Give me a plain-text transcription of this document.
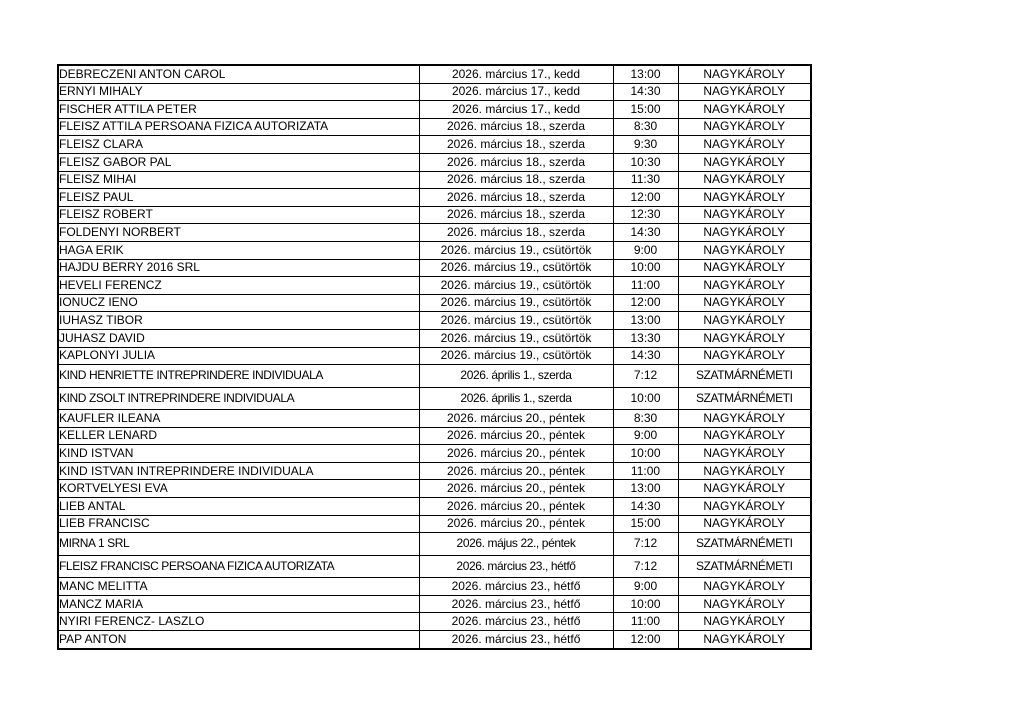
DEBRECZENI ANTON CAROL	2026. március 17., kedd	13:00	NAGYKÁROLY
ERNYI MIHALY	2026. március 17., kedd	14:30	NAGYKÁROLY
FISCHER ATTILA PETER	2026. március 17., kedd	15:00	NAGYKÁROLY
FLEISZ ATTILA PERSOANA FIZICA AUTORIZATA	2026. március 18., szerda	8:30	NAGYKÁROLY
FLEISZ CLARA	2026. március 18., szerda	9:30	NAGYKÁROLY
FLEISZ GABOR PAL	2026. március 18., szerda	10:30	NAGYKÁROLY
FLEISZ MIHAI	2026. március 18., szerda	11:30	NAGYKÁROLY
FLEISZ PAUL	2026. március 18., szerda	12:00	NAGYKÁROLY
FLEISZ ROBERT	2026. március 18., szerda	12:30	NAGYKÁROLY
FOLDENYI NORBERT	2026. március 18., szerda	14:30	NAGYKÁROLY
HAGA ERIK	2026. március 19., csütörtök	9:00	NAGYKÁROLY
HAJDU BERRY 2016 SRL	2026. március 19., csütörtök	10:00	NAGYKÁROLY
HEVELI FERENCZ	2026. március 19., csütörtök	11:00	NAGYKÁROLY
IONUCZ IENO	2026. március 19., csütörtök	12:00	NAGYKÁROLY
IUHASZ TIBOR	2026. március 19., csütörtök	13:00	NAGYKÁROLY
JUHASZ DAVID	2026. március 19., csütörtök	13:30	NAGYKÁROLY
KAPLONYI JULIA	2026. március 19., csütörtök	14:30	NAGYKÁROLY
KIND HENRIETTE INTREPRINDERE INDIVIDUALA	2026. április 1., szerda	7:12	SZATMÁRNÉMETI
KIND ZSOLT INTREPRINDERE INDIVIDUALA	2026. április 1., szerda	10:00	SZATMÁRNÉMETI
KAUFLER ILEANA	2026. március 20., péntek	8:30	NAGYKÁROLY
KELLER LENARD	2026. március 20., péntek	9:00	NAGYKÁROLY
KIND ISTVAN	2026. március 20., péntek	10:00	NAGYKÁROLY
KIND ISTVAN INTREPRINDERE INDIVIDUALA	2026. március 20., péntek	11:00	NAGYKÁROLY
KORTVELYESI EVA	2026. március 20., péntek	13:00	NAGYKÁROLY
LIEB ANTAL	2026. március 20., péntek	14:30	NAGYKÁROLY
LIEB FRANCISC	2026. március 20., péntek	15:00	NAGYKÁROLY
MIRNA 1 SRL	2026. május 22., péntek	7:12	SZATMÁRNÉMETI
FLEISZ FRANCISC PERSOANA FIZICA AUTORIZATA	2026. március 23., hétfő	7:12	SZATMÁRNÉMETI
MANC MELITTA	2026. március 23., hétfő	9:00	NAGYKÁROLY
MANCZ MARIA	2026. március 23., hétfő	10:00	NAGYKÁROLY
NYIRI FERENCZ- LASZLO	2026. március 23., hétfő	11:00	NAGYKÁROLY
PAP ANTON	2026. március 23., hétfő	12:00	NAGYKÁROLY
